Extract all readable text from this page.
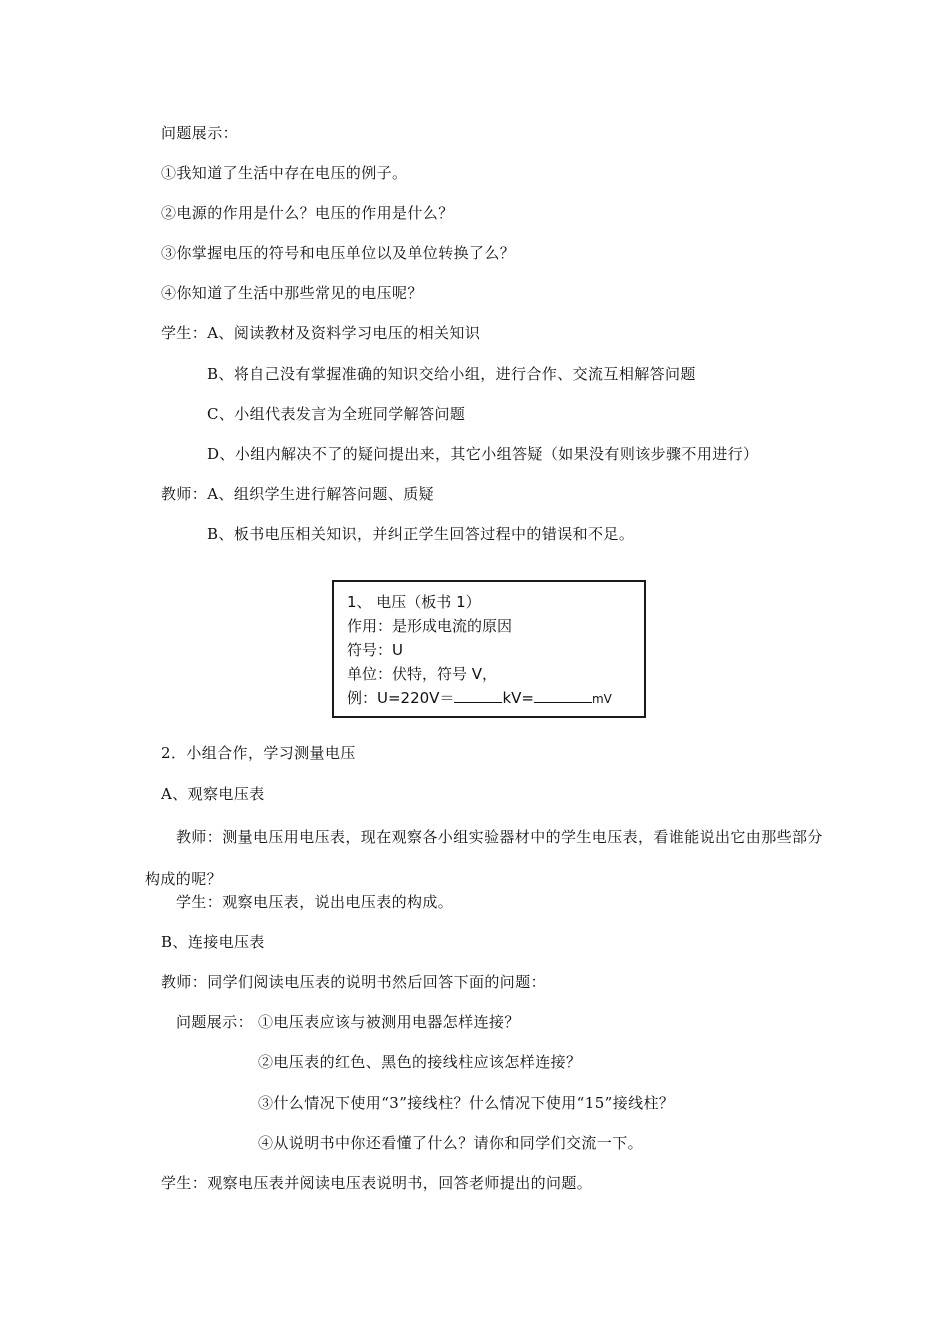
问题展示：
①我知道了生活中存在电压的例子。
②电源的作用是什么？电压的作用是什么？
③你掌握电压的符号和电压单位以及单位转换了么？
④你知道了生活中那些常见的电压呢？
学生：A、阅读教材及资料学习电压的相关知识
B、将自己没有掌握准确的知识交给小组，进行合作、交流互相解答问题
C、小组代表发言为全班同学解答问题
D、小组内解决不了的疑问提出来，其它小组答疑（如果没有则该步骤不用进行）
教师：A、组织学生进行解答问题、质疑
B、板书电压相关知识，并纠正学生回答过程中的错误和不足。
1、 电压（板书 1）
作用：是形成电流的原因
符号：U
单位：伏特，符号 V，
例：U=220V＝	kV=	mV
2．小组合作，学习测量电压
A、观察电压表
教师：测量电压用电压表，现在观察各小组实验器材中的学生电压表，看谁能说出它由那些部分构成的呢？
学生：观察电压表，说出电压表的构成。
B、连接电压表
教师：同学们阅读电压表的说明书然后回答下面的问题：
问题展示： ①电压表应该与被测用电器怎样连接？
②电压表的红色、黑色的接线柱应该怎样连接？
③什么情况下使用“3”接线柱？什么情况下使用“15”接线柱？
④从说明书中你还看懂了什么？请你和同学们交流一下。
学生：观察电压表并阅读电压表说明书，回答老师提出的问题。
